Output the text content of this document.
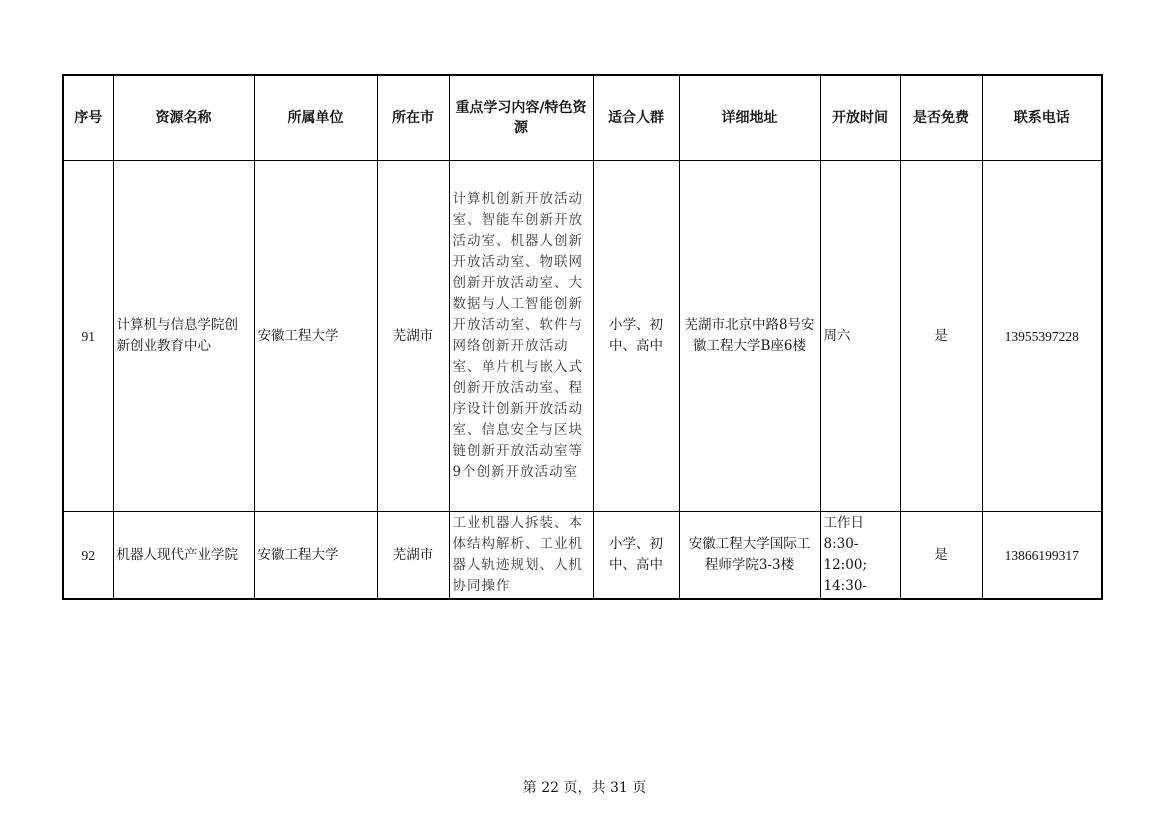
序号	资源名称	所属单位	所在市	重点学习内容/特色资源	适合人群	详细地址	开放时间	是否免费	联系电话
91	计算机与信息学院创新创业教育中心	安徽工程大学	芜湖市	计算机创新开放活动室、智能车创新开放活动室、机器人创新开放活动室、物联网创新开放活动室、大数据与人工智能创新开放活动室、软件与网络创新开放活动室、单片机与嵌入式创新开放活动室、程序设计创新开放活动室、信息安全与区块链创新开放活动室等9个创新开放活动室	小学、初中、高中	芜湖市北京中路8号安徽工程大学B座6楼	周六	是	13955397228
92	机器人现代产业学院	安徽工程大学	芜湖市	工业机器人拆装、本体结构解析、工业机器人轨迹规划、人机协同操作	小学、初中、高中	安徽工程大学国际工程师学院3-3楼	工作日 8:30-12:00; 14:30-	是	13866199317
第 22 页，共 31 页
